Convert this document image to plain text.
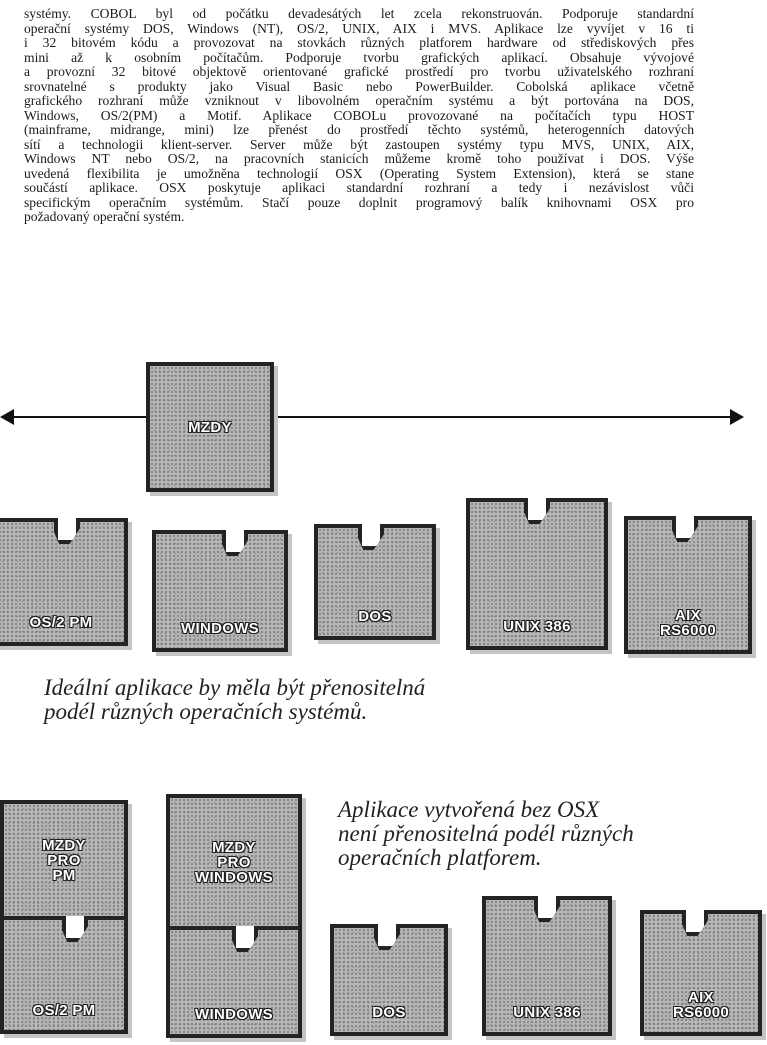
systémy. COBOL byl od počátku devadesátých let zcela rekonstruován. Podporuje standardní
operační systémy DOS, Windows (NT), OS/2, UNIX, AIX i MVS. Aplikace lze vyvíjet v 16 ti
i 32 bitovém kódu a provozovat na stovkách různých platforem hardware od střediskových přes
mini až k osobním počítačům. Podporuje tvorbu grafických aplikací. Obsahuje vývojové
a provozní 32 bitové objektově orientované grafické prostředí pro tvorbu uživatelského rozhraní
srovnatelné s produkty jako Visual Basic nebo PowerBuilder. Cobolská aplikace včetně
grafického rozhraní může vzniknout v libovolném operačním systému a být portována na DOS,
Windows, OS/2(PM) a Motif. Aplikace COBOLu provozované na počítačích typu HOST
(mainframe, midrange, mini) lze přenést do prostředí těchto systémů, heterogenních datových
sítí a technologii klient-server. Server může být zastoupen systémy typu MVS, UNIX, AIX,
Windows NT nebo OS/2, na pracovních stanicích můžeme kromě toho používat i DOS. Výše
uvedená flexibilita je umožněna technologií OSX (Operating System Extension), která se stane
součástí aplikace. OSX poskytuje aplikaci standardní rozhraní a tedy i nezávislost vůči
specifickým operačním systémům. Stačí pouze doplnit programový balík knihovnami OSX pro
požadovaný operační systém.
MZDY
OS/2 PM	WINDOWS
DOS
UNIX 386
AIX
RS6000
Ideální aplikace by měla být přenositelná
podél různých operačních systémů.
MZDY
PRO
PM
MZDY
PRO
WINDOWS
Aplikace vytvořená bez OSX
není přenositelná podél různých
operačních platforem.
OS/2 PM	WINDOWS	DOS	UNIX 386
AIX
RS6000
